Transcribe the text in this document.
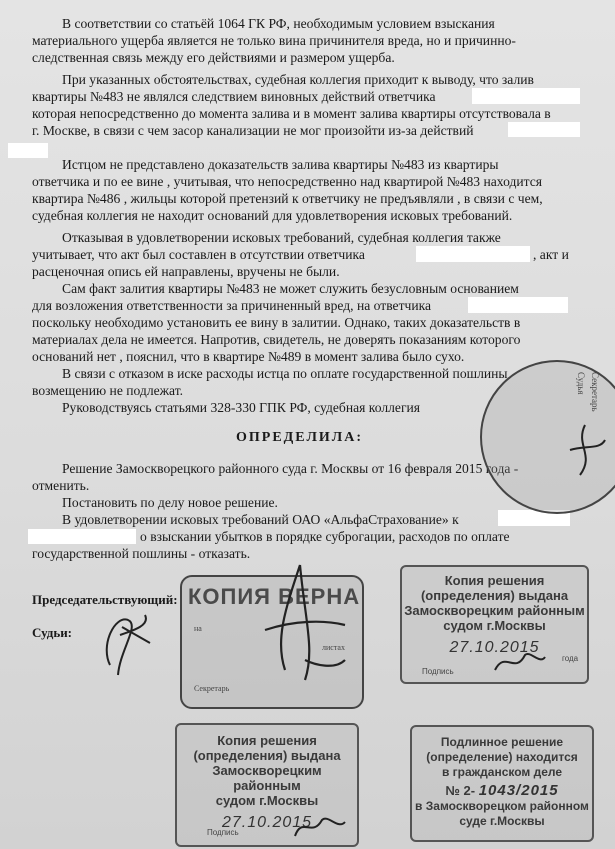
В соответствии со статьёй 1064 ГК РФ, необходимым условием взыскания
материального ущерба является не только вина причинителя вреда, но и причинно-
следственная связь между его действиями и размером ущерба.
При указанных обстоятельствах, судебная коллегия приходит к выводу, что залив
квартиры №483 не являлся следствием виновных действий ответчика
которая непосредственно до момента залива и в момент залива квартиры отсутствовала в
г. Москве, в связи с чем засор канализации не мог произойти из-за действий
Истцом не представлено доказательств залива квартиры №483 из квартиры
ответчика и по ее вине , учитывая, что непосредственно над квартирой №483 находится
квартира №486 , жильцы которой претензий к ответчику не предъявляли , в связи с чем,
судебная коллегия не находит оснований для удовлетворения исковых требований.
Отказывая в удовлетворении исковых требований, судебная коллегия также
учитывает, что акт был составлен в отсутствии ответчика	, акт и
расценочная опись ей направлены, вручены не были.
Сам факт залития квартиры №483 не может служить безусловным основанием
для возложения ответственности за причиненный вред, на ответчика
поскольку необходимо установить ее вину в залитии. Однако, таких доказательств в
материалах дела не имеется. Напротив, свидетель, не доверять показаниям которого
оснований нет , пояснил, что в квартире №489 в момент залива было сухо.
В связи с отказом в иске расходы истца по оплате государственной пошлины
возмещению не подлежат.
Руководствуясь статьями 328-330 ГПК РФ, судебная коллегия
ОПРЕДЕЛИЛА:
Решение Замоскворецкого районного суда г. Москвы от 16 февраля 2015 года -
отменить.
Постановить по делу новое решение.
В удовлетворении исковых требований ОАО «АльфаСтрахование» к
о взыскании убытков в порядке суброгации, расходов по оплате
государственной пошлины - отказать.
Председательствующий:
Судьи:
КОПИЯ ВЕРНА
на
листах
Секретарь
Копия решения
(определения) выдана
Замоскворецким районным
судом г.Москвы
27.10.2015
года
Подпись
Копия решения
(определения) выдана
Замоскворецким районным
судом г.Москвы
27.10.2015
Подпись
Подлинное решение
(определение) находится
в гражданском деле
№ 2- 1043/2015
в Замоскворецком районном
суде г.Москвы
Судья Секретарь
